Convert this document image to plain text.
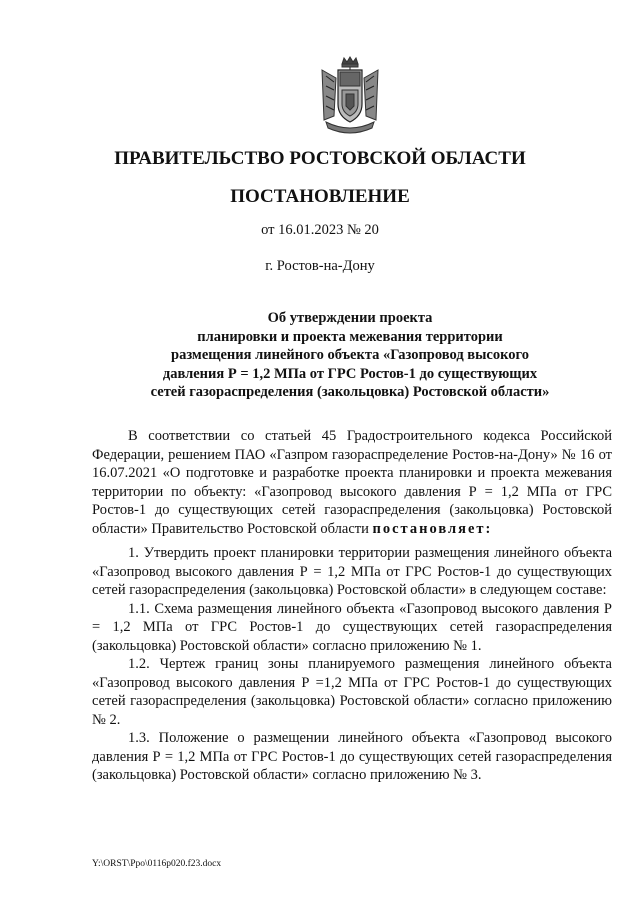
ПРАВИТЕЛЬСТВО РОСТОВСКОЙ ОБЛАСТИ
ПОСТАНОВЛЕНИЕ
от 16.01.2023 № 20
г. Ростов-на-Дону
Об утверждении проекта
планировки и проекта межевания территории
размещения линейного объекта «Газопровод высокого
давления Р = 1,2 МПа от ГРС Ростов-1 до существующих
сетей газораспределения (закольцовка) Ростовской области»

В соответствии со статьей 45 Градостроительного кодекса Российской Федерации, решением ПАО «Газпром газораспределение Ростов-на-Дону» № 16 от 16.07.2021 «О подготовке и разработке проекта планировки и проекта межевания территории по объекту: «Газопровод высокого давления Р = 1,2 МПа от ГРС Ростов-1 до существующих сетей газораспределения (закольцовка) Ростовской области» Правительство Ростовской области постановляет:

1. Утвердить проект планировки территории размещения линейного объекта «Газопровод высокого давления Р = 1,2 МПа от ГРС Ростов-1 до существующих сетей газораспределения (закольцовка) Ростовской области» в следующем составе:

1.1. Схема размещения линейного объекта «Газопровод высокого давления Р = 1,2 МПа от ГРС Ростов-1 до существующих сетей газораспределения (закольцовка) Ростовской области» согласно приложению № 1.

1.2. Чертеж границ зоны планируемого размещения линейного объекта «Газопровод высокого давления Р =1,2 МПа от ГРС Ростов-1 до существующих сетей газораспределения (закольцовка) Ростовской области» согласно приложению № 2.

1.3. Положение о размещении линейного объекта «Газопровод высокого давления Р = 1,2 МПа от ГРС Ростов-1 до существующих сетей газораспределения (закольцовка) Ростовской области» согласно приложению № 3.

Y:\ORST\Ppo\0116p020.f23.docx
